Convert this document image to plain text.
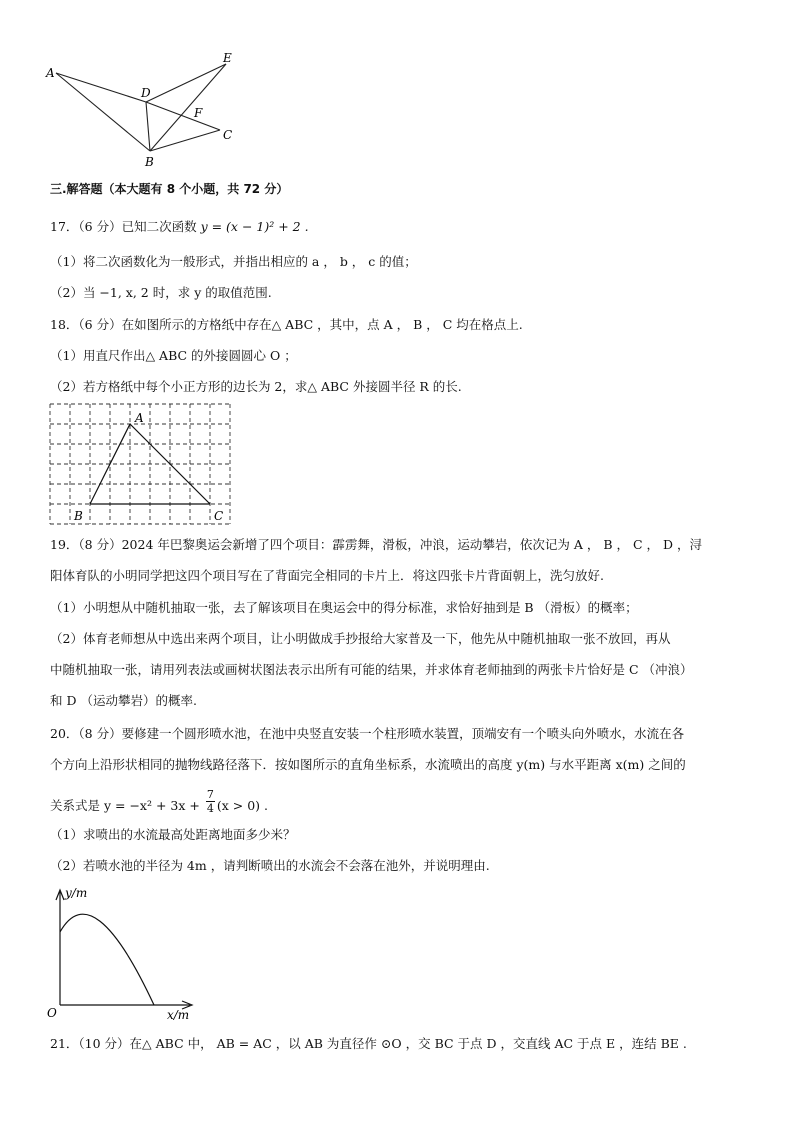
A
B
C
D
E
F
三.解答题（本大题有 8 个小题，共 72 分）
17．（6 分）已知二次函数 y = (x − 1)² + 2 .
（1）将二次函数化为一般形式，并指出相应的 a ， b ， c 的值；
（2）当 −1, x, 2 时，求 y 的取值范围.
18．（6 分）在如图所示的方格纸中存在△ ABC ，其中，点 A ， B ， C 均在格点上.
（1）用直尺作出△ ABC 的外接圆圆心 O ；
（2）若方格纸中每个小正方形的边长为 2，求△ ABC 外接圆半径 R 的长.
A
B	C
19．（8 分）2024 年巴黎奥运会新增了四个项目：霹雳舞，滑板，冲浪，运动攀岩，依次记为 A ， B ， C ， D ，浔
阳体育队的小明同学把这四个项目写在了背面完全相同的卡片上．将这四张卡片背面朝上，洗匀放好.
（1）小明想从中随机抽取一张，去了解该项目在奥运会中的得分标准，求恰好抽到是 B （滑板）的概率；
（2）体育老师想从中选出来两个项目，让小明做成手抄报给大家普及一下，他先从中随机抽取一张不放回，再从
中随机抽取一张，请用列表法或画树状图法表示出所有可能的结果，并求体育老师抽到的两张卡片恰好是 C （冲浪）
和 D （运动攀岩）的概率.
20．（8 分）要修建一个圆形喷水池，在池中央竖直安装一个柱形喷水装置，顶端安有一个喷头向外喷水，水流在各
个方向上沿形状相同的抛物线路径落下．按如图所示的直角坐标系，水流喷出的高度 y(m) 与水平距离 x(m) 之间的
关系式是 $y = -x^2 + 3x + \frac{7}{4} (x > 0)$ .
（1）求喷出的水流最高处距离地面多少米？
（2）若喷水池的半径为 4m ，请判断喷出的水流会不会落在池外，并说明理由.
y/m
x/m
O
21．（10 分）在△ ABC 中， AB = AC ，以 AB 为直径作 ⊙O ，交 BC 于点 D ，交直线 AC 于点 E ，连结 BE .
